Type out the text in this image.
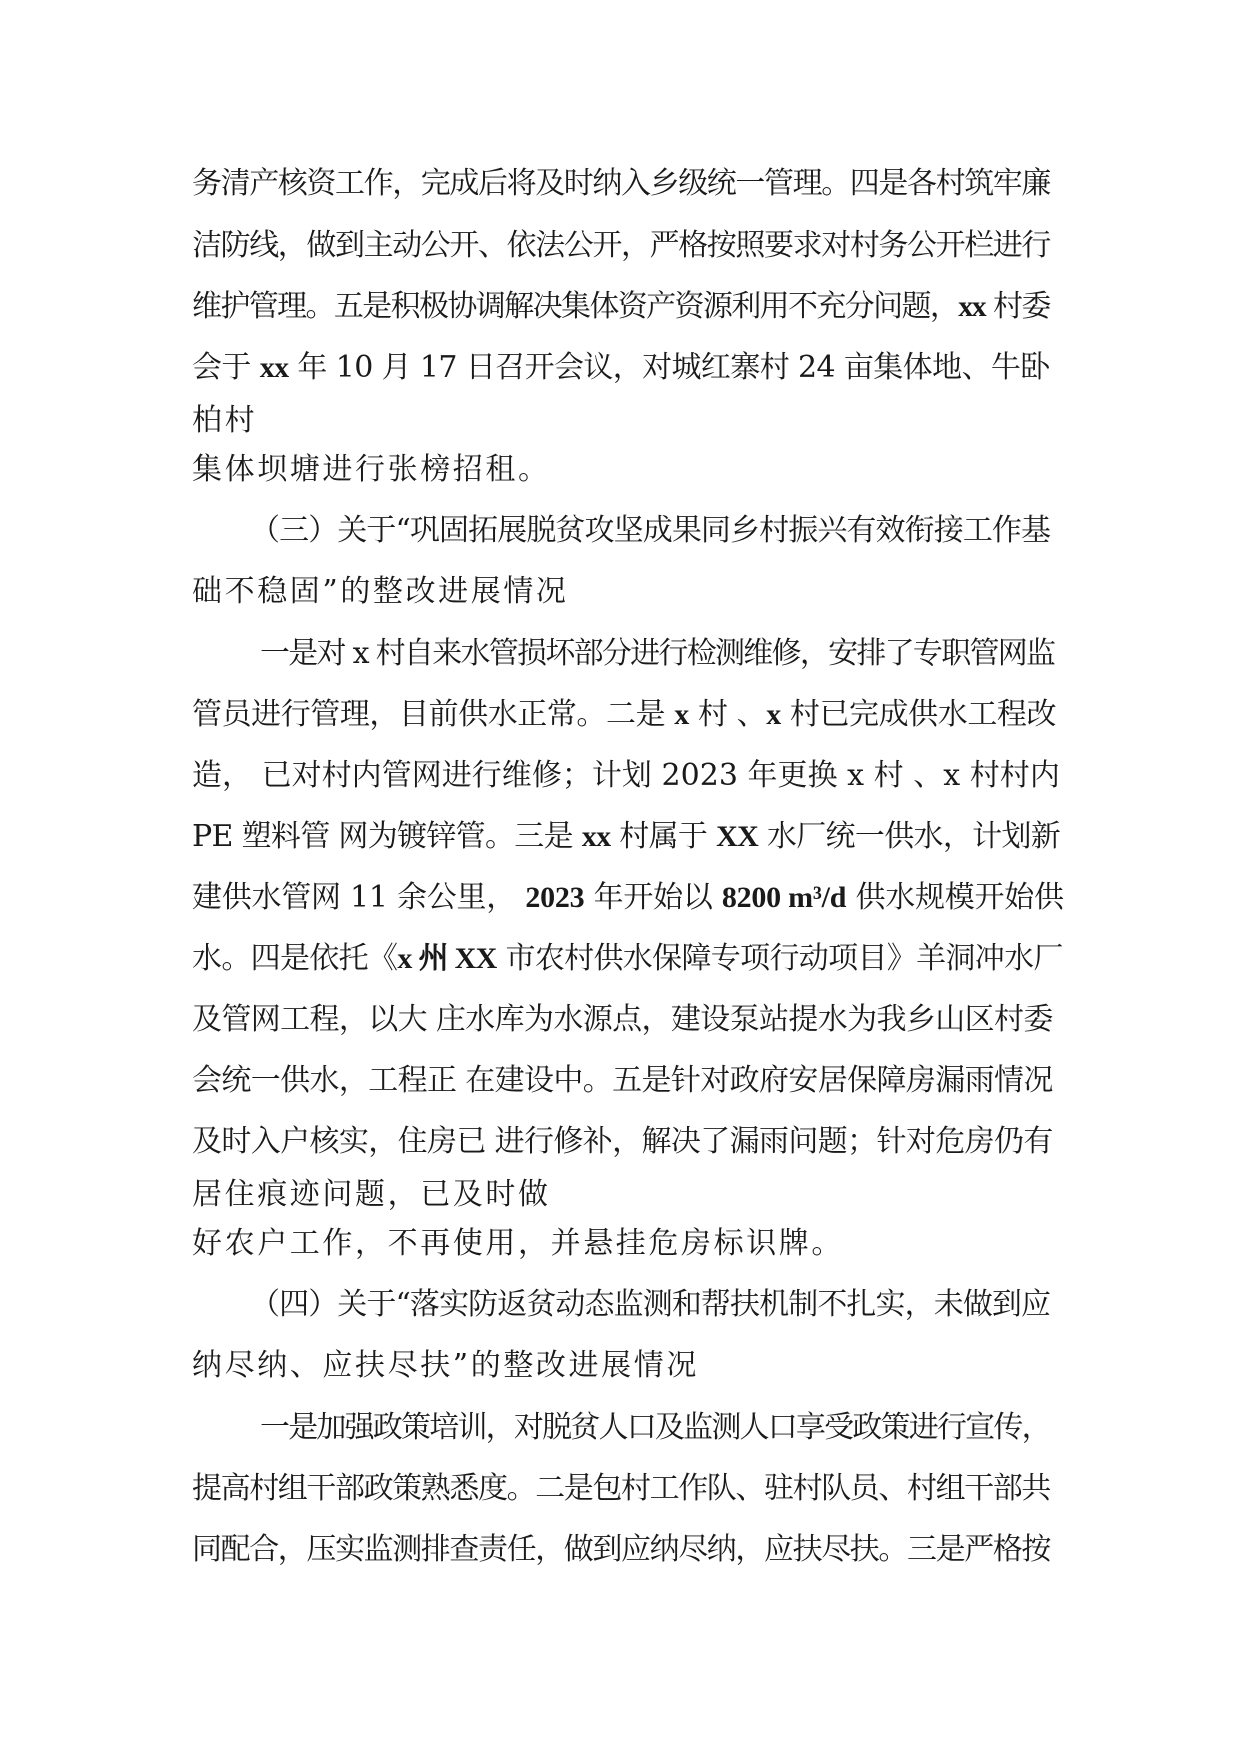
务清产核资工作，完成后将及时纳入乡级统一管理。四是各村筑牢廉
洁防线，做到主动公开、依法公开，严格按照要求对村务公开栏进行
维护管理。五是积极协调解决集体资产资源利用不充分问题，xx 村委
会于 xx 年 10 月 17 日召开会议，对城红寨村 24 亩集体地、牛卧
柏村
集体坝塘进行张榜招租。
（三）关于“巩固拓展脱贫攻坚成果同乡村振兴有效衔接工作基
础不稳固”的整改进展情况
一是对 x 村自来水管损坏部分进行检测维修，安排了专职管网监
管员进行管理，目前供水正常。二是 x 村 、x 村已完成供水工程改
造， 已对村内管网进行维修；计划 2023 年更换 x 村 、x 村村内
PE 塑料管 网为镀锌管。三是 xx 村属于 XX 水厂统一供水，计划新
建供水管网 11 余公里， 2023 年开始以 8200 m³/d 供水规模开始供
水。四是依托《x 州 XX 市农村供水保障专项行动项目》羊洞冲水厂
及管网工程，以大 庄水库为水源点，建设泵站提水为我乡山区村委
会统一供水，工程正 在建设中。五是针对政府安居保障房漏雨情况
及时入户核实，住房已 进行修补，解决了漏雨问题；针对危房仍有
居住痕迹问题，已及时做
好农户工作，不再使用，并悬挂危房标识牌。
（四）关于“落实防返贫动态监测和帮扶机制不扎实，未做到应
纳尽纳、应扶尽扶”的整改进展情况
一是加强政策培训，对脱贫人口及监测人口享受政策进行宣传，
提高村组干部政策熟悉度。二是包村工作队、驻村队员、村组干部共
同配合，压实监测排查责任，做到应纳尽纳，应扶尽扶。三是严格按
